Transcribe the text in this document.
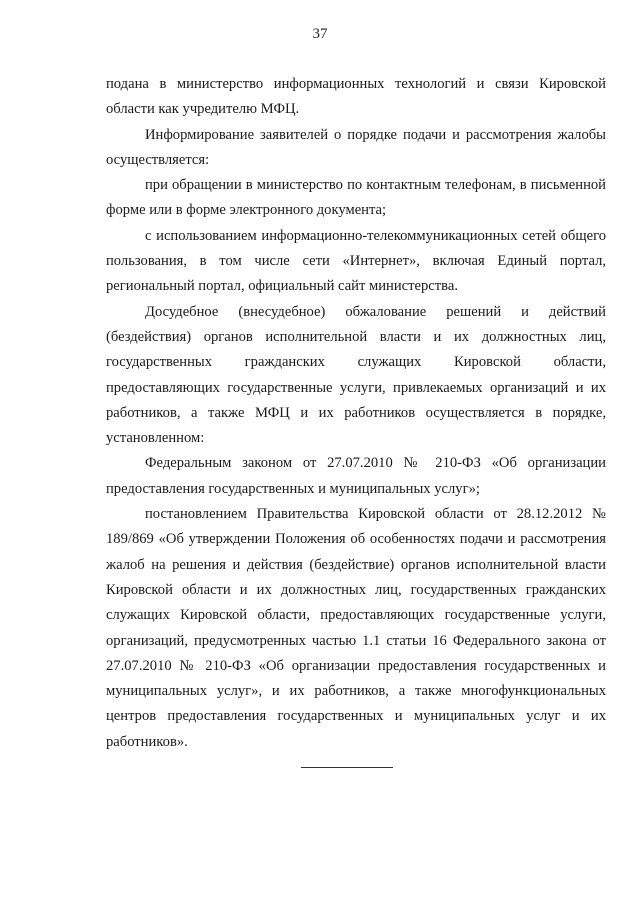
37

подана в министерство информационных технологий и связи Кировской области как учредителю МФЦ.

Информирование заявителей о порядке подачи и рассмотрения жалобы осуществляется:

при обращении в министерство по контактным телефонам, в письменной форме или в форме электронного документа;

с использованием информационно-телекоммуникационных сетей общего пользования, в том числе сети «Интернет», включая Единый портал, региональный портал, официальный сайт министерства.

Досудебное (внесудебное) обжалование решений и действий (бездействия) органов исполнительной власти и их должностных лиц, государственных гражданских служащих Кировской области, предоставляющих государственные услуги, привлекаемых организаций и их работников, а также МФЦ и их работников осуществляется в порядке, установленном:

Федеральным законом от 27.07.2010 № 210-ФЗ «Об организации предоставления государственных и муниципальных услуг»;

постановлением Правительства Кировской области от 28.12.2012 № 189/869 «Об утверждении Положения об особенностях подачи и рассмотрения жалоб на решения и действия (бездействие) органов исполнительной власти Кировской области и их должностных лиц, государственных гражданских служащих Кировской области, предоставляющих государственные услуги, организаций, предусмотренных частью 1.1 статьи 16 Федерального закона от 27.07.2010 № 210-ФЗ «Об организации предоставления государственных и муниципальных услуг», и их работников, а также многофункциональных центров предоставления государственных и муниципальных услуг и их работников».
